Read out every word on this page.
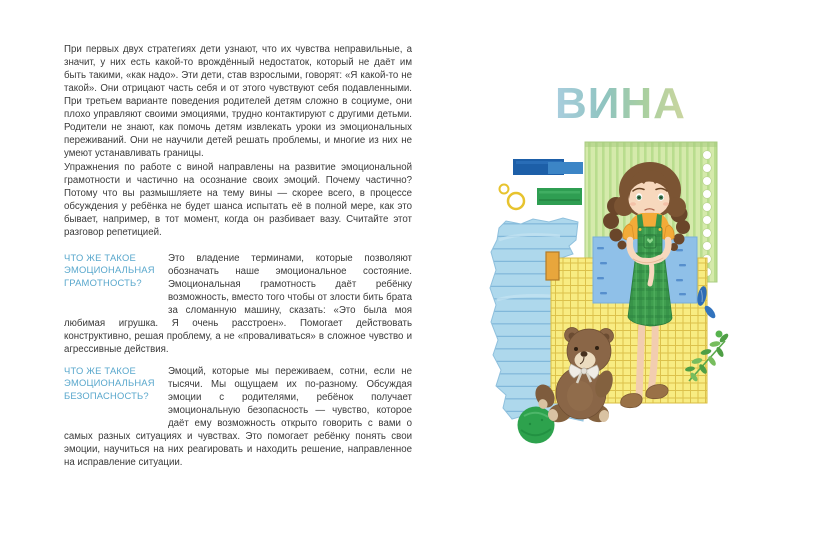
При первых двух стратегиях дети узнают, что их чувства неправильные, а значит, у них есть какой-то врождённый недостаток, который не даёт им быть такими, «как надо». Эти дети, став взрослыми, говорят: «Я какой-то не такой». Они отрицают часть себя и от этого чувствуют себя подавленными. При третьем варианте поведения родителей детям сложно в социуме, они плохо управляют своими эмоциями, трудно контактируют с другими детьми. Родители не знают, как помочь детям извлекать уроки из эмоциональных переживаний. Они не научили детей решать проблемы, и многие из них не умеют устанавливать границы.

Упражнения по работе с виной направлены на развитие эмоциональной грамотности и частично на осознание своих эмоций. Почему частично? Потому что вы размышляете на тему вины — скорее всего, в процессе обсуждения у ребёнка не будет шанса испытать её в полной мере, как это бывает, например, в тот момент, когда он разбивает вазу. Считайте этот разговор репетицией.

ЧТО ЖЕ ТАКОЕ ЭМОЦИОНАЛЬНАЯ ГРАМОТНОСТЬ?

Это владение терминами, которые позволяют обозначать наше эмоциональное состояние. Эмоциональная грамотность даёт ребёнку возможность, вместо того чтобы от злости бить брата за сломанную машину, сказать: «Это была моя любимая игрушка. Я очень расстроен». Помогает действовать конструктивно, решая проблему, а не «проваливаться» в сложное чувство и агрессивные действия.

ЧТО ЖЕ ТАКОЕ ЭМОЦИОНАЛЬНАЯ БЕЗОПАСНОСТЬ?

Эмоций, которые мы переживаем, сотни, если не тысячи. Мы ощущаем их по-разному. Обсуждая эмоции с родителями, ребёнок получает эмоциональную безопасность — чувство, которое даёт ему возможность открыто говорить с вами о самых разных ситуациях и чувствах. Это помогает ребёнку понять свои эмоции, научиться на них реагировать и находить решение, направленное на исправление ситуации.

ВИНА
